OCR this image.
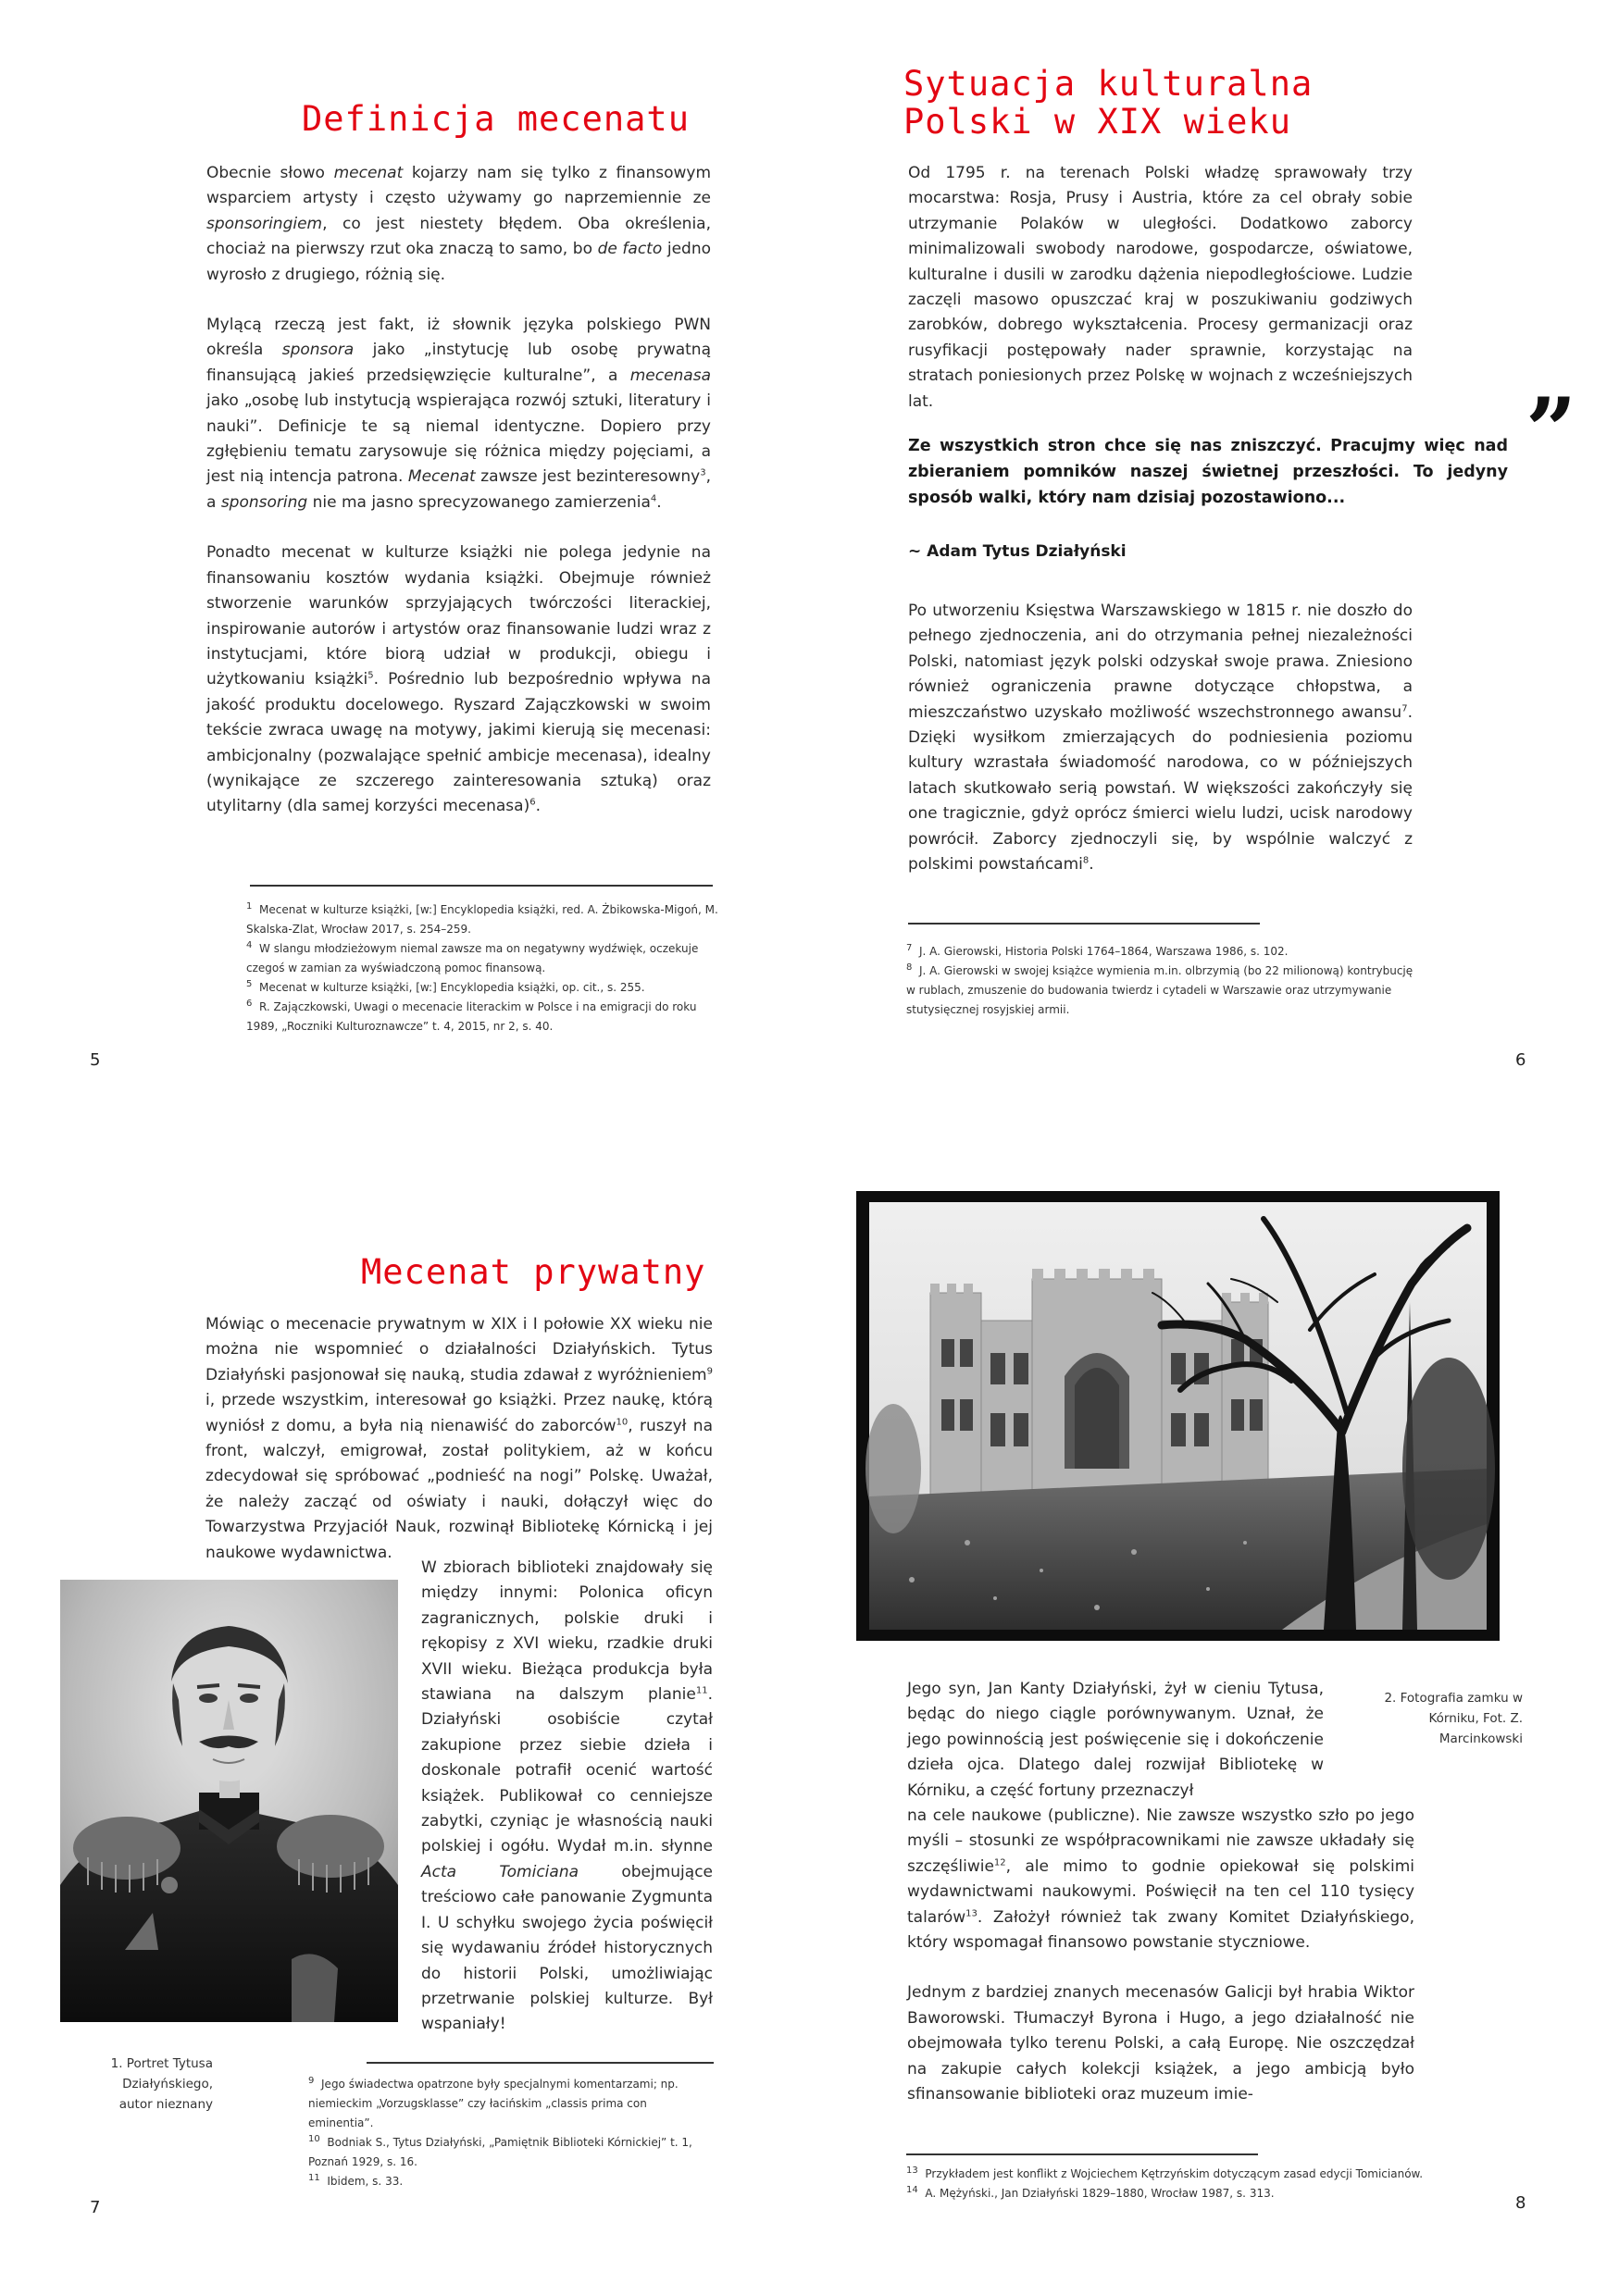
Definicja mecenatu

Obecnie słowo mecenat kojarzy nam się tylko z finansowym wsparciem artysty i często używamy go naprzemiennie ze sponsoringiem, co jest niestety błędem. Oba określenia, chociaż na pierwszy rzut oka znaczą to samo, bo de facto jedno wyrosło z drugiego, różnią się.

Mylącą rzeczą jest fakt, iż słownik języka polskiego PWN określa sponsora jako „instytucję lub osobę prywatną finansującą jakieś przedsięwzięcie kulturalne”, a mecenasa jako „osobę lub instytucją wspierająca rozwój sztuki, literatury i nauki”. Definicje te są niemal identyczne. Dopiero przy zgłębieniu tematu zarysowuje się różnica między pojęciami, a jest nią intencja patrona. Mecenat zawsze jest bezinteresowny$^3$, a sponsoring nie ma jasno sprecyzowanego zamierzenia$^4$.

Ponadto mecenat w kulturze książki nie polega jedynie na finansowaniu kosztów wydania książki. Obejmuje również stworzenie warunków sprzyjających twórczości literackiej, inspirowanie autorów i artystów oraz finansowanie ludzi wraz z instytucjami, które biorą udział w produkcji, obiegu i użytkowaniu książki$^5$. Pośrednio lub bezpośrednio wpływa na jakość produktu docelowego. Ryszard Zajączkowski w swoim tekście zwraca uwagę na motywy, jakimi kierują się mecenasi: ambicjonalny (pozwalające spełnić ambicje mecenasa), idealny (wynikające ze szczerego zainteresowania sztuką) oraz utylitarny (dla samej korzyści mecenasa)$^6$.

$^1$ Mecenat w kulturze książki, [w:] Encyklopedia książki, red. A. Żbikowska-Migoń, M. Skalska-Zlat, Wrocław 2017, s. 254–259.
$^4$ W slangu młodzieżowym niemal zawsze ma on negatywny wydźwięk, oczekuje czegoś w zamian za wyświadczoną pomoc finansową.
$^5$ Mecenat w kulturze książki, [w:] Encyklopedia książki, op. cit., s. 255.
$^6$ R. Zajączkowski, Uwagi o mecenacie literackim w Polsce i na emigracji do roku 1989, „Roczniki Kulturoznawcze” t. 4, 2015, nr 2, s. 40.
5
Sytuacja kulturalna
Polski w XIX wieku

Od 1795 r. na terenach Polski władzę sprawowały trzy mocarstwa: Rosja, Prusy i Austria, które za cel obrały sobie utrzymanie Polaków w uległości. Dodatkowo zaborcy minimalizowali swobody narodowe, gospodarcze, oświatowe, kulturalne i dusili w zarodku dążenia niepodległościowe. Ludzie zaczęli masowo opuszczać kraj w poszukiwaniu godziwych zarobków, dobrego wykształcenia. Procesy germanizacji oraz rusyfikacji postępowały nader sprawnie, korzystając na stratach poniesionych przez Polskę w wojnach z wcześniejszych lat.

Ze wszystkich stron chce się nas zniszczyć. Pracujmy więc nad zbieraniem pomników naszej świetnej przeszłości. To jedyny sposób walki, który nam dzisiaj pozostawiono...
”
~ Adam Tytus Działyński

Po utworzeniu Księstwa Warszawskiego w 1815 r. nie doszło do pełnego zjednoczenia, ani do otrzymania pełnej niezależności Polski, natomiast język polski odzyskał swoje prawa. Zniesiono również ograniczenia prawne dotyczące chłopstwa, a mieszczaństwo uzyskało możliwość wszechstronnego awansu$^7$. Dzięki wysiłkom zmierzających do podniesienia poziomu kultury wzrastała świadomość narodowa, co w późniejszych latach skutkowało serią powstań. W większości zakończyły się one tragicznie, gdyż oprócz śmierci wielu ludzi, ucisk narodowy powrócił. Zaborcy zjednoczyli się, by wspólnie walczyć z polskimi powstańcami$^8$.

$^7$ J. A. Gierowski, Historia Polski 1764–1864, Warszawa 1986, s. 102.
$^8$ J. A. Gierowski w swojej książce wymienia m.in. olbrzymią (bo 22 milionową) kontrybucję w rublach, zmuszenie do budowania twierdz i cytadeli w Warszawie oraz utrzymywanie stutysięcznej rosyjskiej armii.
6
Mecenat prywatny

Mówiąc o mecenacie prywatnym w XIX i I połowie XX wieku nie można nie wspomnieć o działalności Działyńskich. Tytus Działyński pasjonował się nauką, studia zdawał z wyróżnieniem$^9$ i, przede wszystkim, interesował go książki. Przez naukę, którą wyniósł z domu, a była nią nienawiść do zaborców$^{10}$, ruszył na front, walczył, emigrował, został politykiem, aż w końcu zdecydował się spróbować „podnieść na nogi” Polskę. Uważał, że należy zacząć od oświaty i nauki, dołączył więc do Towarzystwa Przyjaciół Nauk, rozwinął Bibliotekę Kórnicką i jej naukowe wydawnictwa.

W zbiorach biblioteki znajdowały się między innymi: Polonica oficyn zagranicznych, polskie druki i rękopisy z XVI wieku, rzadkie druki XVII wieku. Bieżąca produkcja była stawiana na dalszym planie$^{11}$. Działyński osobiście czytał zakupione przez siebie dzieła i doskonale potrafił ocenić wartość książek. Publikował co cenniejsze zabytki, czyniąc je własnością nauki polskiej i ogółu. Wydał m.in. słynne Acta Tomiciana obejmujące treściowo całe panowanie Zygmunta I. U schyłku swojego życia poświęcił się wydawaniu źródeł historycznych do historii Polski, umożliwiając przetrwanie polskiej kulturze. Był wspaniały!

1. Portret Tytusa Działyńskiego, autor nieznany
$^9$ Jego świadectwa opatrzone były specjalnymi komentarzami; np. niemieckim „Vorzugsklasse” czy łacińskim „classis prima con eminentia”.
$^{10}$ Bodniak S., Tytus Działyński, „Pamiętnik Biblioteki Kórnickiej” t. 1, Poznań 1929, s. 16.
$^{11}$ Ibidem, s. 33.
7

Jego syn, Jan Kanty Działyński, żył w cieniu Tytusa, będąc do niego ciągle porównywanym. Uznał, że jego powinnością jest poświęcenie się i dokończenie dzieła ojca. Dlatego dalej rozwijał Bibliotekę w Kórniku, a część fortuny przeznaczył
na cele naukowe (publiczne). Nie zawsze wszystko szło po jego myśli – stosunki ze współpracownikami nie zawsze układały się szczęśliwie$^{12}$, ale mimo to godnie opiekował się polskimi wydawnictwami naukowymi. Poświęcił na ten cel 110 tysięcy talarów$^{13}$. Założył również tak zwany Komitet Działyńskiego, który wspomagał finansowo powstanie styczniowe.

Jednym z bardziej znanych mecenasów Galicji był hrabia Wiktor Baworowski. Tłumaczył Byrona i Hugo, a jego działalność nie obejmowała tylko terenu Polski, a całą Europę. Nie oszczędzał na zakupie całych kolekcji książek, a jego ambicją było sfinansowanie biblioteki oraz muzeum imie-

2. Fotografia zamku w Kórniku, Fot. Z. Marcinkowski
$^{13}$ Przykładem jest konflikt z Wojciechem Kętrzyńskim dotyczącym zasad edycji Tomicianów.
$^{14}$ A. Mężyński., Jan Działyński 1829–1880, Wrocław 1987, s. 313.	8
